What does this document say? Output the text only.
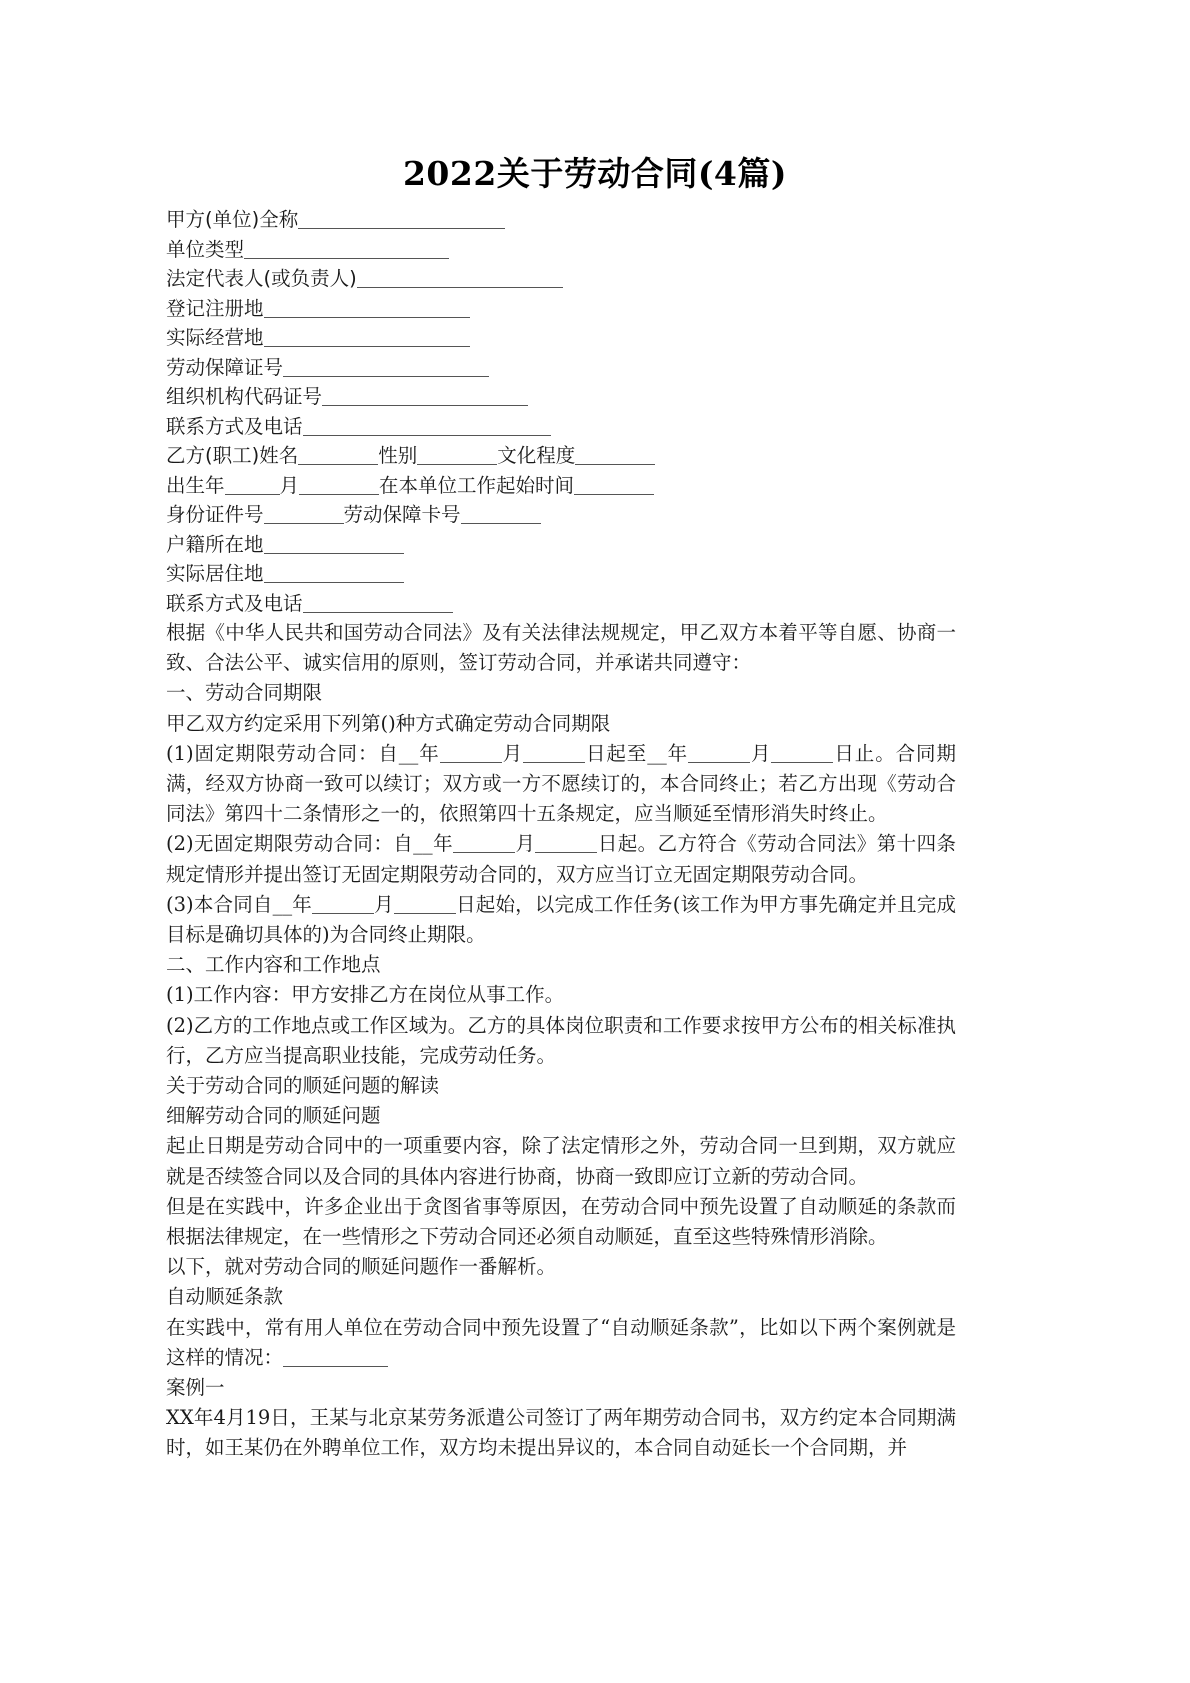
2022关于劳动合同(4篇)
甲方(单位)全称
单位类型
法定代表人(或负责人)
登记注册地
实际经营地
劳动保障证号
组织机构代码证号
联系方式及电话
乙方(职工)姓名	性别	文化程度
出生年	月	在本单位工作起始时间
身份证件号	劳动保障卡号
户籍所在地
实际居住地
联系方式及电话

根据《中华人民共和国劳动合同法》及有关法律法规规定，甲乙双方本着平等自愿、协商一致、合法公平、诚实信用的原则，签订劳动合同，并承诺共同遵守：

一、劳动合同期限

甲乙双方约定采用下列第()种方式确定劳动合同期限

(1)固定期限劳动合同：自__年	月	日起至__年	月	日止。合同期满，经双方协商一致可以续订；双方或一方不愿续订的，本合同终止；若乙方出现《劳动合同法》第四十二条情形之一的，依照第四十五条规定，应当顺延至情形消失时终止。

(2)无固定期限劳动合同：自__年	月	日起。乙方符合《劳动合同法》第十四条规定情形并提出签订无固定期限劳动合同的，双方应当订立无固定期限劳动合同。

(3)本合同自__年	月	日起始，以完成工作任务(该工作为甲方事先确定并且完成目标是确切具体的)为合同终止期限。

二、工作内容和工作地点

(1)工作内容：甲方安排乙方在岗位从事工作。

(2)乙方的工作地点或工作区域为。乙方的具体岗位职责和工作要求按甲方公布的相关标准执行，乙方应当提高职业技能，完成劳动任务。

关于劳动合同的顺延问题的解读

细解劳动合同的顺延问题

起止日期是劳动合同中的一项重要内容，除了法定情形之外，劳动合同一旦到期，双方就应就是否续签合同以及合同的具体内容进行协商，协商一致即应订立新的劳动合同。

但是在实践中，许多企业出于贪图省事等原因，在劳动合同中预先设置了自动顺延的条款而根据法律规定，在一些情形之下劳动合同还必须自动顺延，直至这些特殊情形消除。

以下，就对劳动合同的顺延问题作一番解析。

自动顺延条款

在实践中，常有用人单位在劳动合同中预先设置了“自动顺延条款”，比如以下两个案例就是这样的情况：

案例一

XX年4月19日，王某与北京某劳务派遣公司签订了两年期劳动合同书，双方约定本合同期满时，如王某仍在外聘单位工作，双方均未提出异议的，本合同自动延长一个合同期，并
